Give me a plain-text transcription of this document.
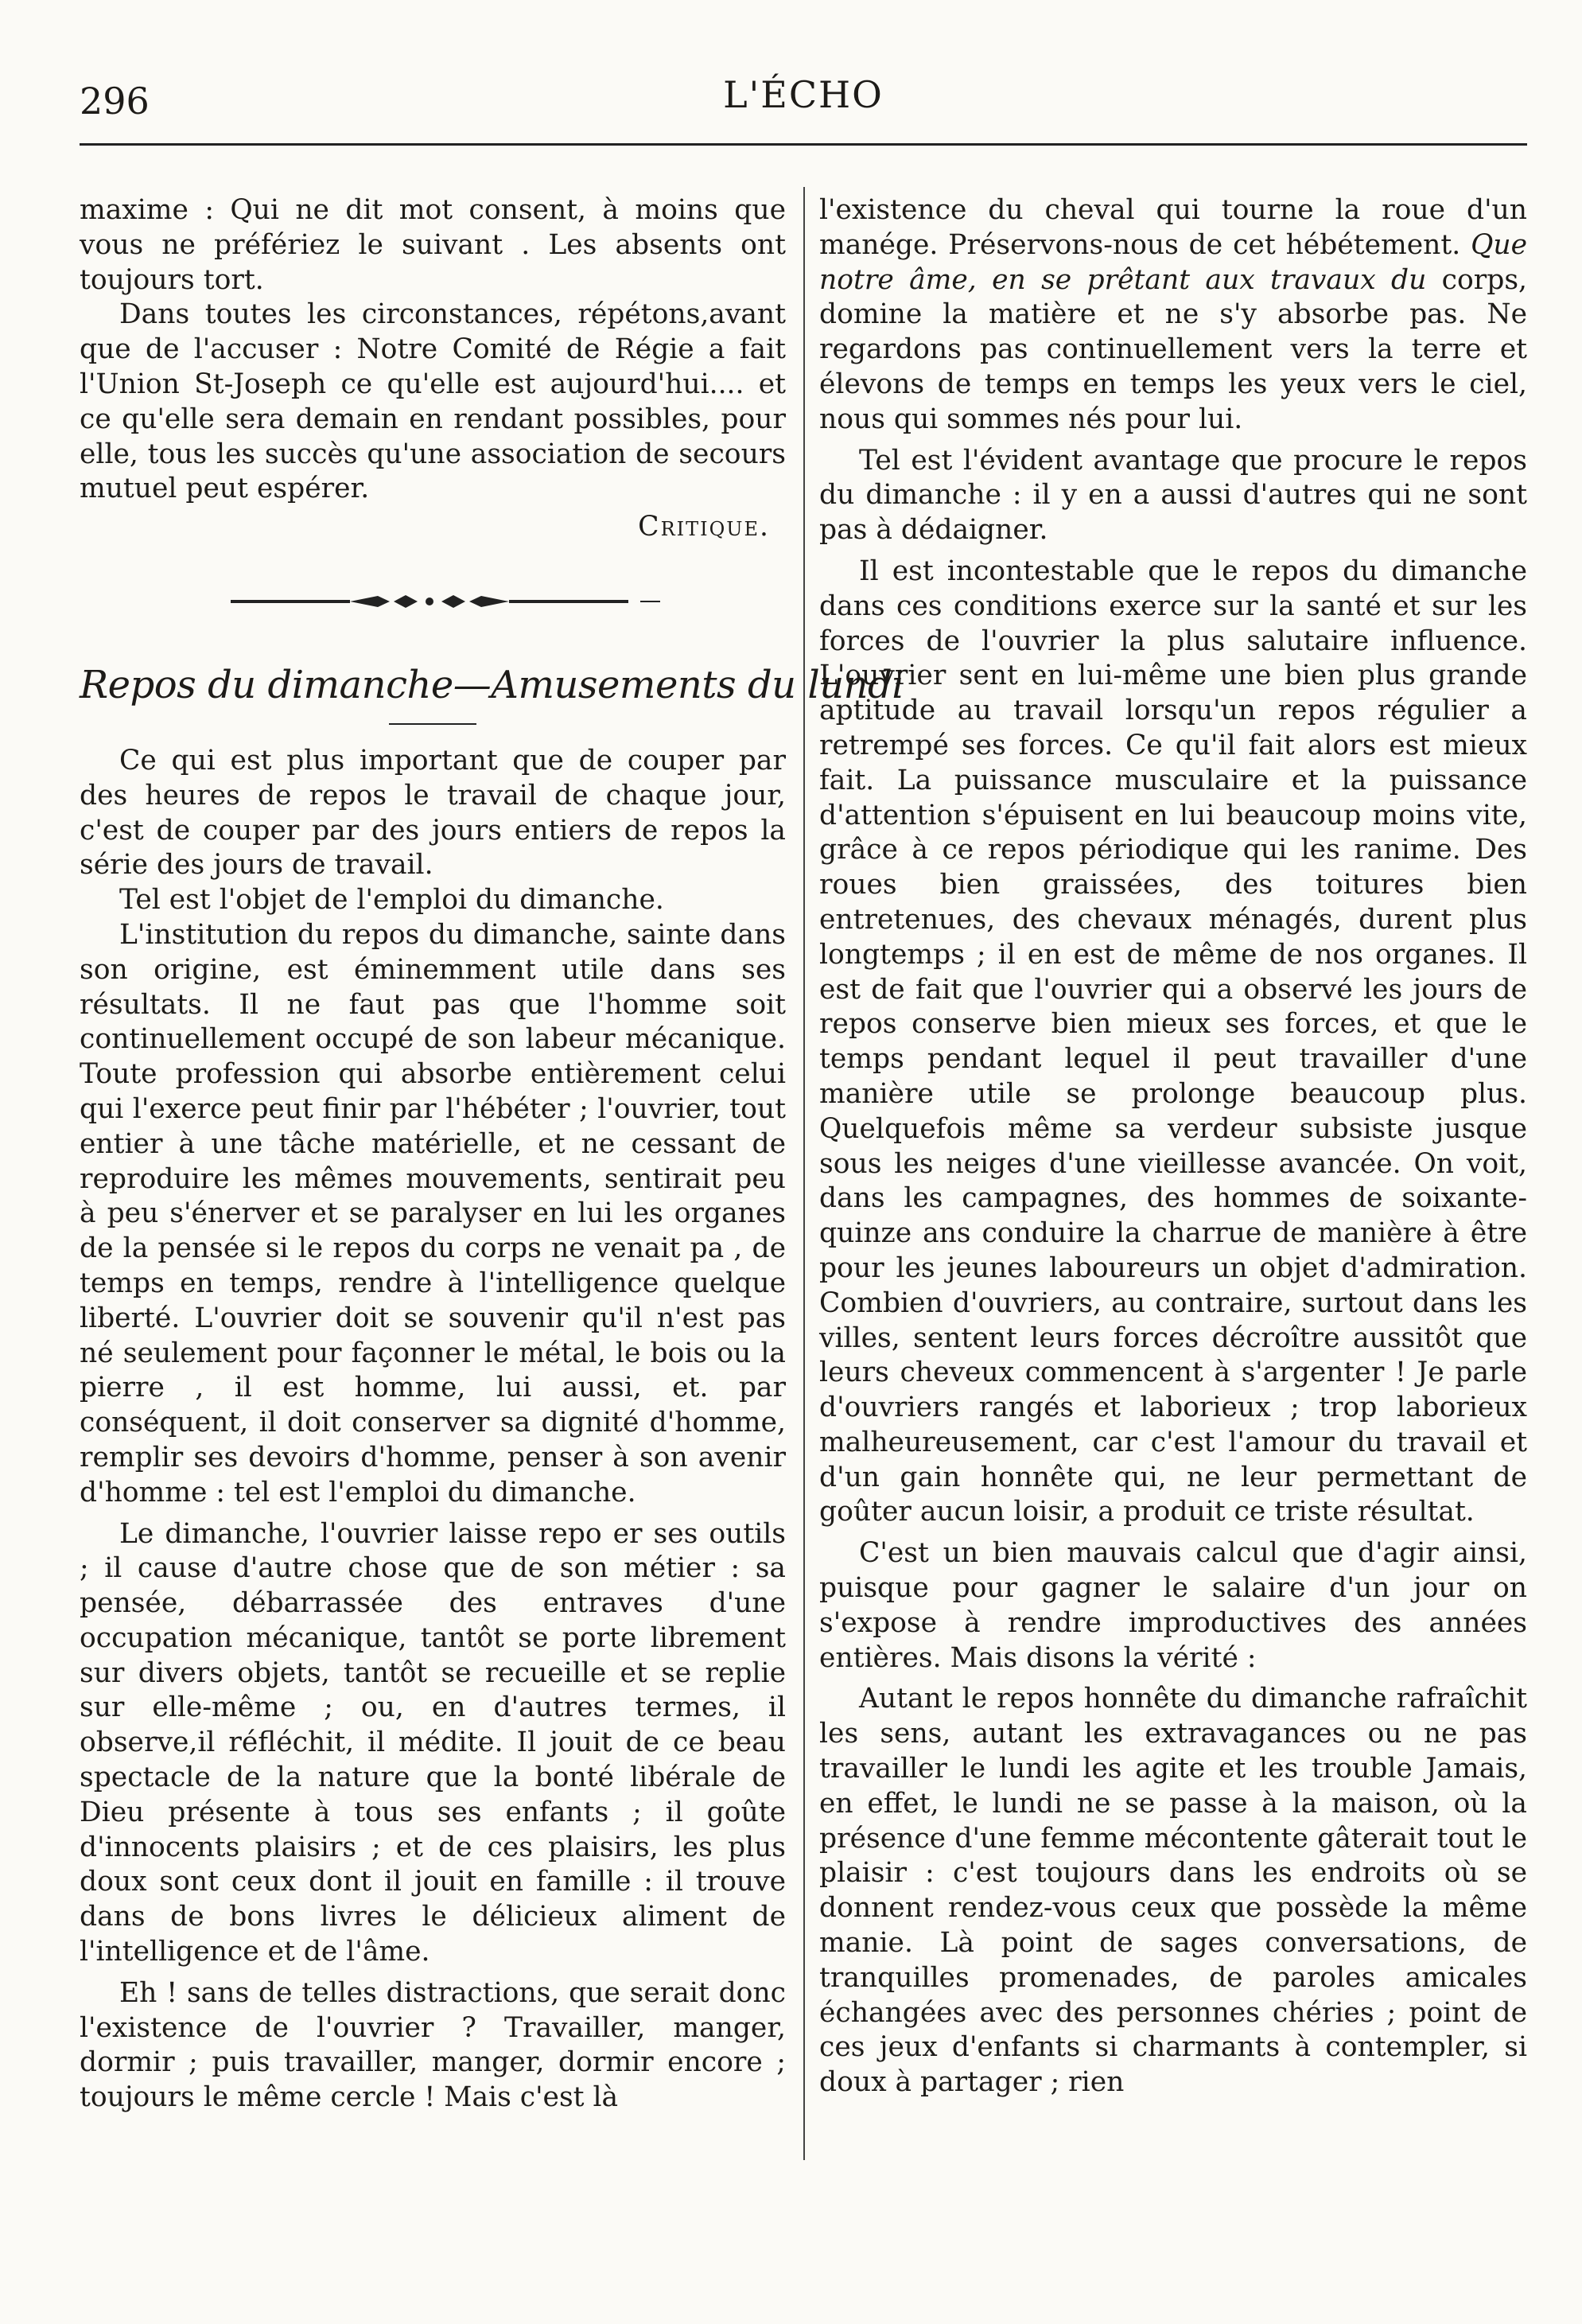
296	L'ÉCHO

maxime : Qui ne dit mot consent, à moins que vous ne préfériez le suivant . Les absents ont toujours tort.

Dans toutes les circonstances, répétons,avant que de l'accuser : Notre Comité de Régie a fait l'Union St-Joseph ce qu'elle est aujourd'hui.... et ce qu'elle sera demain en rendant possibles, pour elle, tous les succès qu'une association de secours mutuel peut espérer.

Critique.
Repos du dimanche—Amusements du lundi

Ce qui est plus important que de couper par des heures de repos le travail de chaque jour, c'est de couper par des jours entiers de repos la série des jours de travail.

Tel est l'objet de l'emploi du dimanche.

L'institution du repos du dimanche, sainte dans son origine, est éminemment utile dans ses résultats. Il ne faut pas que l'homme soit continuellement occupé de son labeur mécanique. Toute profession qui absorbe entièrement celui qui l'exerce peut finir par l'hébéter ; l'ouvrier, tout entier à une tâche matérielle, et ne cessant de reproduire les mêmes mouvements, sentirait peu à peu s'énerver et se paralyser en lui les organes de la pensée si le repos du corps ne venait pa , de temps en temps, rendre à l'intelligence quelque liberté. L'ouvrier doit se souvenir qu'il n'est pas né seulement pour façonner le métal, le bois ou la pierre , il est homme, lui aussi, et. par conséquent, il doit conserver sa dignité d'homme, remplir ses devoirs d'homme, penser à son avenir d'homme : tel est l'emploi du dimanche.

Le dimanche, l'ouvrier laisse repo er ses outils ; il cause d'autre chose que de son métier : sa pensée, débarrassée des entraves d'une occupation mécanique, tantôt se porte librement sur divers objets, tantôt se recueille et se replie sur elle-même ; ou, en d'autres termes, il observe,il réfléchit, il médite. Il jouit de ce beau spectacle de la nature que la bonté libérale de Dieu présente à tous ses enfants ; il goûte d'innocents plaisirs ; et de ces plaisirs, les plus doux sont ceux dont il jouit en famille : il trouve dans de bons livres le délicieux aliment de l'intelligence et de l'âme.

Eh ! sans de telles distractions, que serait donc l'existence de l'ouvrier ? Travailler, manger, dormir ; puis travailler, manger, dormir encore ; toujours le même cercle ! Mais c'est là

l'existence du cheval qui tourne la roue d'un manége. Préservons-nous de cet hébétement. Que notre âme, en se prêtant aux travaux du corps, domine la matière et ne s'y absorbe pas. Ne regardons pas continuellement vers la terre et élevons de temps en temps les yeux vers le ciel, nous qui sommes nés pour lui.

Tel est l'évident avantage que procure le repos du dimanche : il y en a aussi d'autres qui ne sont pas à dédaigner.

Il est incontestable que le repos du dimanche dans ces conditions exerce sur la santé et sur les forces de l'ouvrier la plus salutaire influence. L'ouvrier sent en lui-même une bien plus grande aptitude au travail lorsqu'un repos régulier a retrempé ses forces. Ce qu'il fait alors est mieux fait. La puissance musculaire et la puissance d'attention s'épuisent en lui beaucoup moins vite, grâce à ce repos périodique qui les ranime. Des roues bien graissées, des toitures bien entretenues, des chevaux ménagés, durent plus longtemps ; il en est de même de nos organes. Il est de fait que l'ouvrier qui a observé les jours de repos conserve bien mieux ses forces, et que le temps pendant lequel il peut travailler d'une manière utile se prolonge beaucoup plus. Quelquefois même sa verdeur subsiste jusque sous les neiges d'une vieillesse avancée. On voit, dans les campagnes, des hommes de soixante-quinze ans conduire la charrue de manière à être pour les jeunes laboureurs un objet d'admiration. Combien d'ouvriers, au contraire, surtout dans les villes, sentent leurs forces décroître aussitôt que leurs cheveux commencent à s'argenter ! Je parle d'ouvriers rangés et laborieux ; trop laborieux malheureusement, car c'est l'amour du travail et d'un gain honnête qui, ne leur permettant de goûter aucun loisir, a produit ce triste résultat.

C'est un bien mauvais calcul que d'agir ainsi, puisque pour gagner le salaire d'un jour on s'expose à rendre improductives des années entières. Mais disons la vérité :

Autant le repos honnête du dimanche rafraîchit les sens, autant les extravagances ou ne pas travailler le lundi les agite et les trouble Jamais, en effet, le lundi ne se passe à la maison, où la présence d'une femme mécontente gâterait tout le plaisir : c'est toujours dans les endroits où se donnent rendez-vous ceux que possède la même manie. Là point de sages conversations, de tranquilles promenades, de paroles amicales échangées avec des personnes chéries ; point de ces jeux d'enfants si charmants à contempler, si doux à partager ; rien
